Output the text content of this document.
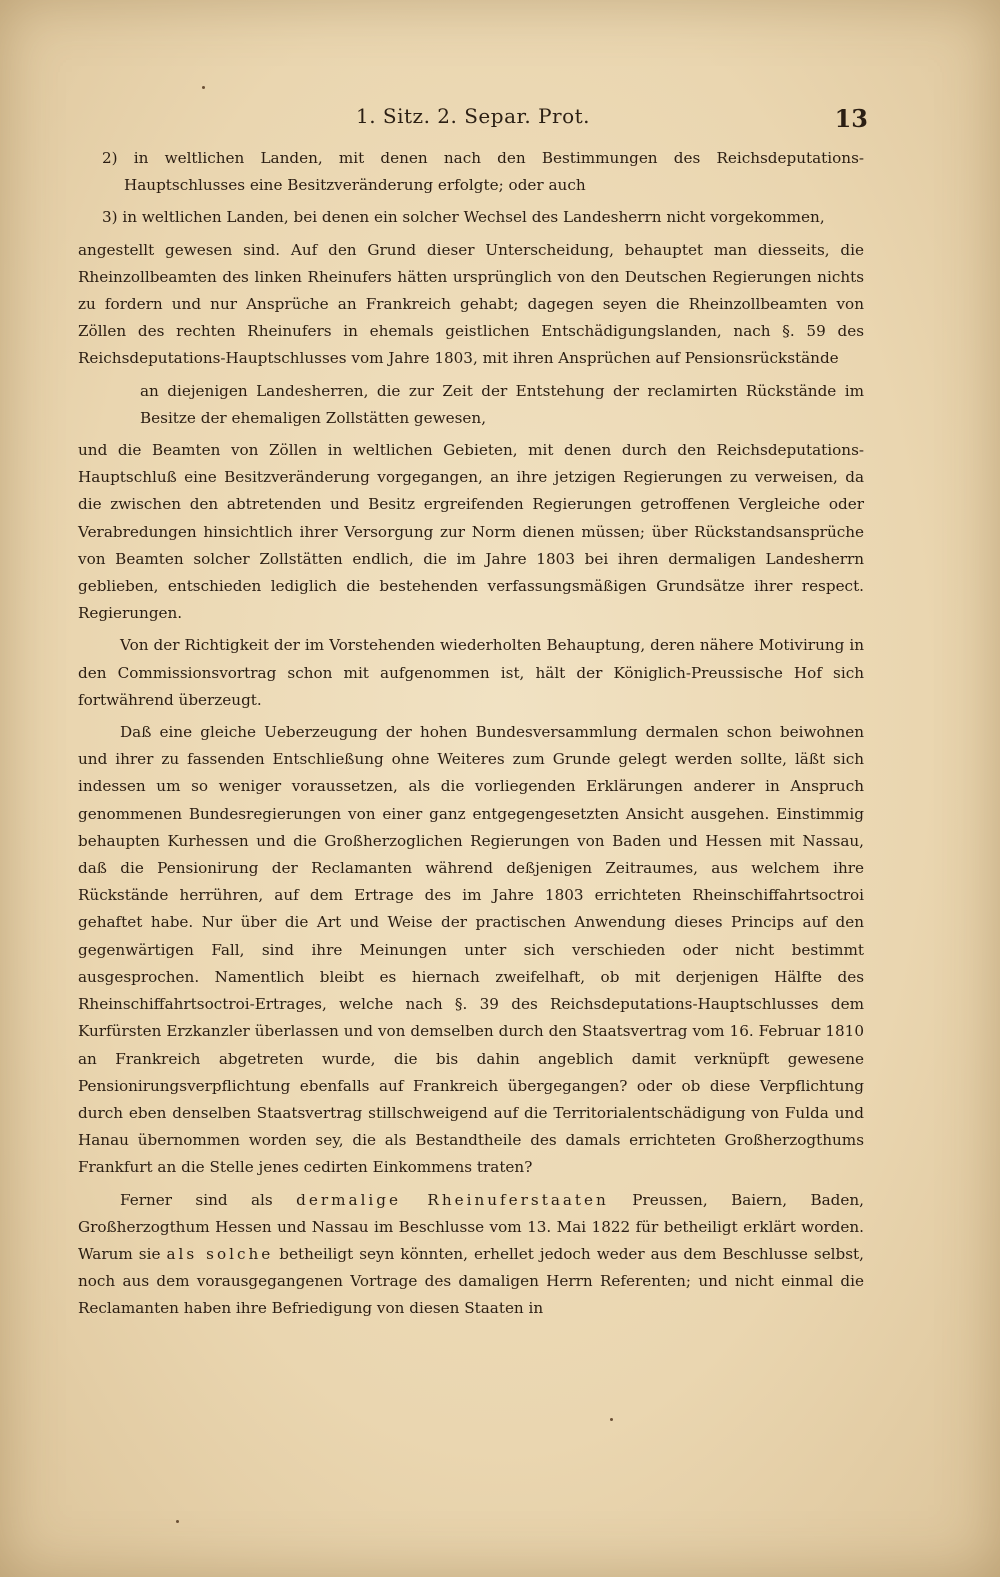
1. Sitz. 2. Separ. Prot.	13

2) in weltlichen Landen, mit denen nach den Bestimmungen des Reichsdeputations-Hauptschlusses eine Besitzveränderung erfolgte; oder auch

3) in weltlichen Landen, bei denen ein solcher Wechsel des Landesherrn nicht vorgekommen,

angestellt gewesen sind. Auf den Grund dieser Unterscheidung, behauptet man diesseits, die Rheinzollbeamten des linken Rheinufers hätten ursprünglich von den Deutschen Regierungen nichts zu fordern und nur Ansprüche an Frankreich gehabt; dagegen seyen die Rheinzollbeamten von Zöllen des rechten Rheinufers in ehemals geistlichen Entschädigungslanden, nach §. 59 des Reichsdeputations-Hauptschlusses vom Jahre 1803, mit ihren Ansprüchen auf Pensionsrückstände

an diejenigen Landesherren, die zur Zeit der Entstehung der reclamirten Rückstände im Besitze der ehemaligen Zollstätten gewesen,

und die Beamten von Zöllen in weltlichen Gebieten, mit denen durch den Reichsdeputations-Hauptschluß eine Besitzveränderung vorgegangen, an ihre jetzigen Regierungen zu verweisen, da die zwischen den abtretenden und Besitz ergreifenden Regierungen getroffenen Vergleiche oder Verabredungen hinsichtlich ihrer Versorgung zur Norm dienen müssen; über Rückstandsansprüche von Beamten solcher Zollstätten endlich, die im Jahre 1803 bei ihren dermaligen Landesherrn geblieben, entschieden lediglich die bestehenden verfassungsmäßigen Grundsätze ihrer respect. Regierungen.

Von der Richtigkeit der im Vorstehenden wiederholten Behauptung, deren nähere Motivirung in den Commissionsvortrag schon mit aufgenommen ist, hält der Königlich-Preussische Hof sich fortwährend überzeugt.

Daß eine gleiche Ueberzeugung der hohen Bundesversammlung dermalen schon beiwohnen und ihrer zu fassenden Entschließung ohne Weiteres zum Grunde gelegt werden sollte, läßt sich indessen um so weniger voraussetzen, als die vorliegenden Erklärungen anderer in Anspruch genommenen Bundesregierungen von einer ganz entgegengesetzten Ansicht ausgehen. Einstimmig behaupten Kurhessen und die Großherzoglichen Regierungen von Baden und Hessen mit Nassau, daß die Pensionirung der Reclamanten während deßjenigen Zeitraumes, aus welchem ihre Rückstände herrühren, auf dem Ertrage des im Jahre 1803 errichteten Rheinschiffahrtsoctroi gehaftet habe. Nur über die Art und Weise der practischen Anwendung dieses Princips auf den gegenwärtigen Fall, sind ihre Meinungen unter sich verschieden oder nicht bestimmt ausgesprochen. Namentlich bleibt es hiernach zweifelhaft, ob mit derjenigen Hälfte des Rheinschiffahrtsoctroi-Ertrages, welche nach §. 39 des Reichsdeputations-Hauptschlusses dem Kurfürsten Erzkanzler überlassen und von demselben durch den Staatsvertrag vom 16. Februar 1810 an Frankreich abgetreten wurde, die bis dahin angeblich damit verknüpft gewesene Pensionirungsverpflichtung ebenfalls auf Frankreich übergegangen? oder ob diese Verpflichtung durch eben denselben Staatsvertrag stillschweigend auf die Territorialentschädigung von Fulda und Hanau übernommen worden sey, die als Bestandtheile des damals errichteten Großherzogthums Frankfurt an die Stelle jenes cedirten Einkommens traten?

Ferner sind als dermalige Rheinuferstaaten Preussen, Baiern, Baden, Großherzogthum Hessen und Nassau im Beschlusse vom 13. Mai 1822 für betheiligt erklärt worden. Warum sie als solche betheiligt seyn könnten, erhellet jedoch weder aus dem Beschlusse selbst, noch aus dem vorausgegangenen Vortrage des damaligen Herrn Referenten; und nicht einmal die Reclamanten haben ihre Befriedigung von diesen Staaten in
